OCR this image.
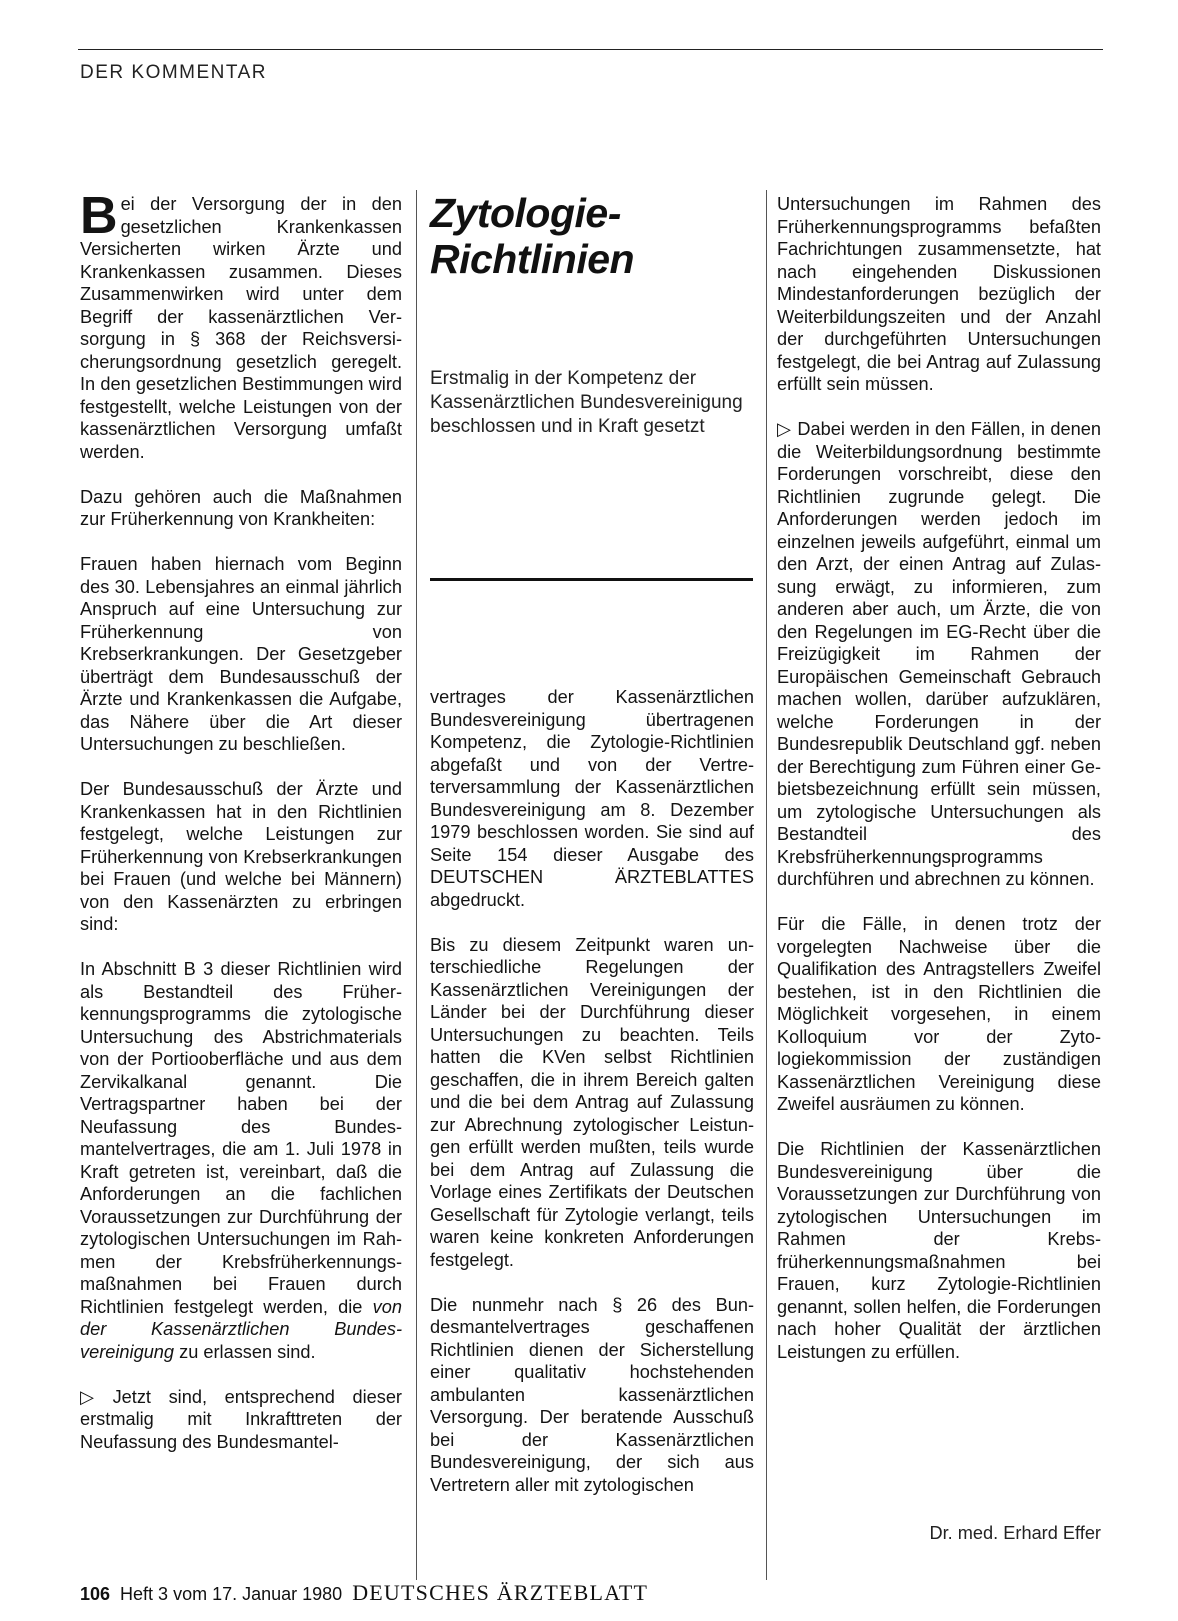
DER KOMMENTAR

Bei der Versorgung der in den gesetzlichen Krankenkassen Versicherten wirken Ärzte und Krankenkassen zusammen. Dieses Zusammenwirken wird unter dem Begriff der kassenärztlichen Versorgung in § 368 der Reichsversicherungsordnung gesetzlich geregelt. In den gesetzlichen Bestimmungen wird festgestellt, welche Leistungen von der kassenärztlichen Versorgung umfaßt werden.

Dazu gehören auch die Maßnahmen zur Früherkennung von Krankheiten:

Frauen haben hiernach vom Beginn des 30. Lebensjahres an einmal jährlich Anspruch auf eine Untersuchung zur Früherkennung von Krebserkrankungen. Der Gesetzgeber überträgt dem Bundesausschuß der Ärzte und Krankenkassen die Aufgabe, das Nähere über die Art dieser Untersuchungen zu beschließen.

Der Bundesausschuß der Ärzte und Krankenkassen hat in den Richtlinien festgelegt, welche Leistungen zur Früherkennung von Krebserkrankungen bei Frauen (und welche bei Männern) von den Kassenärzten zu erbringen sind:

In Abschnitt B 3 dieser Richtlinien wird als Bestandteil des Früherkennungsprogramms die zytologische Untersuchung des Abstrichmaterials von der Portiooberfläche und aus dem Zervikalkanal genannt. Die Vertragspartner haben bei der Neufassung des Bundesmantelvertrages, die am 1. Juli 1978 in Kraft getreten ist, vereinbart, daß die Anforderungen an die fachlichen Voraussetzungen zur Durchführung der zytologischen Untersuchungen im Rahmen der Krebsfrüherkennungsmaßnahmen bei Frauen durch Richtlinien festgelegt werden, die von der Kassenärztlichen Bundesvereinigung zu erlassen sind.

▷ Jetzt sind, entsprechend dieser erstmalig mit Inkrafttreten der Neufassung des Bundesmantel-

Zytologie-
Richtlinien
Erstmalig in der Kompetenz der Kassenärztlichen Bundesvereinigung beschlossen und in Kraft gesetzt

vertrages der Kassenärztlichen Bundesvereinigung übertragenen Kompetenz, die Zytologie-Richtlinien abgefaßt und von der Vertreterversammlung der Kassenärztlichen Bundesvereinigung am 8. Dezember 1979 beschlossen worden. Sie sind auf Seite 154 dieser Ausgabe des DEUTSCHEN ÄRZTEBLATTES abgedruckt.

Bis zu diesem Zeitpunkt waren unterschiedliche Regelungen der Kassenärztlichen Vereinigungen der Länder bei der Durchführung dieser Untersuchungen zu beachten. Teils hatten die KVen selbst Richtlinien geschaffen, die in ihrem Bereich galten und die bei dem Antrag auf Zulassung zur Abrechnung zytologischer Leistungen erfüllt werden mußten, teils wurde bei dem Antrag auf Zulassung die Vorlage eines Zertifikats der Deutschen Gesellschaft für Zytologie verlangt, teils waren keine konkreten Anforderungen festgelegt.

Die nunmehr nach § 26 des Bundesmantelvertrages geschaffenen Richtlinien dienen der Sicherstellung einer qualitativ hochstehenden ambulanten kassenärztlichen Versorgung. Der beratende Ausschuß bei der Kassenärztlichen Bundesvereinigung, der sich aus Vertretern aller mit zytologischen

Untersuchungen im Rahmen des Früherkennungsprogramms befaßten Fachrichtungen zusammensetzte, hat nach eingehenden Diskussionen Mindestanforderungen bezüglich der Weiterbildungszeiten und der Anzahl der durchgeführten Untersuchungen festgelegt, die bei Antrag auf Zulassung erfüllt sein müssen.

▷ Dabei werden in den Fällen, in denen die Weiterbildungsordnung bestimmte Forderungen vorschreibt, diese den Richtlinien zugrunde gelegt. Die Anforderungen werden jedoch im einzelnen jeweils aufgeführt, einmal um den Arzt, der einen Antrag auf Zulassung erwägt, zu informieren, zum anderen aber auch, um Ärzte, die von den Regelungen im EG-Recht über die Freizügigkeit im Rahmen der Europäischen Gemeinschaft Gebrauch machen wollen, darüber aufzuklären, welche Forderungen in der Bundesrepublik Deutschland ggf. neben der Berechtigung zum Führen einer Gebietsbezeichnung erfüllt sein müssen, um zytologische Untersuchungen als Bestandteil des Krebsfrüherkennungsprogramms durchführen und abrechnen zu können.

Für die Fälle, in denen trotz der vorgelegten Nachweise über die Qualifikation des Antragstellers Zweifel bestehen, ist in den Richtlinien die Möglichkeit vorgesehen, in einem Kolloquium vor der Zytologiekommission der zuständigen Kassenärztlichen Vereinigung diese Zweifel ausräumen zu können.

Die Richtlinien der Kassenärztlichen Bundesvereinigung über die Voraussetzungen zur Durchführung von zytologischen Untersuchungen im Rahmen der Krebsfrüherkennungsmaßnahmen bei Frauen, kurz Zytologie-Richtlinien genannt, sollen helfen, die Forderungen nach hoher Qualität der ärztlichen Leistungen zu erfüllen.

Dr. med. Erhard Effer
106 Heft 3 vom 17. Januar 1980 DEUTSCHES ÄRZTEBLATT
